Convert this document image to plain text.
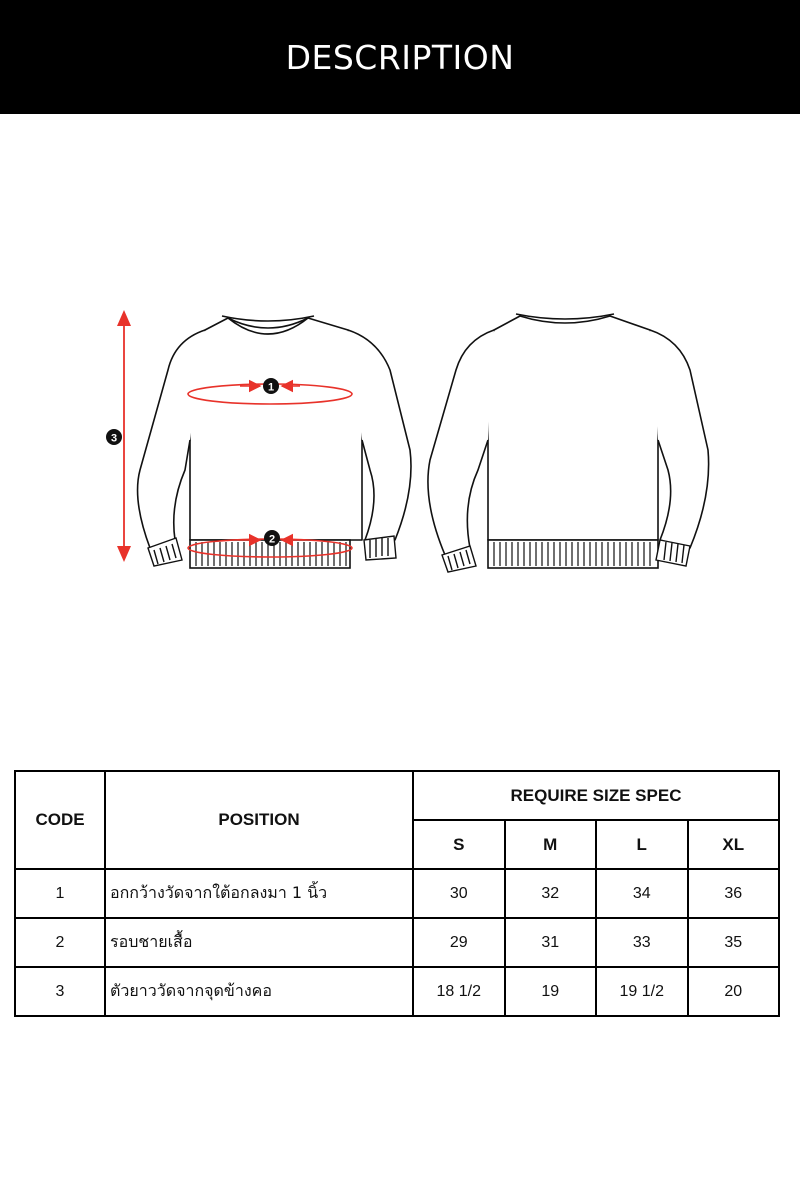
DESCRIPTION
1
2
3
CODE	POSITION	REQUIRE SIZE SPEC			
		S	M	L	XL
1	อกกว้างวัดจากใต้อกลงมา 1 นิ้ว	30	32	34	36
2	รอบชายเสื้อ	29	31	33	35
3	ตัวยาววัดจากจุดข้างคอ	18 1/2	19	19 1/2	20
